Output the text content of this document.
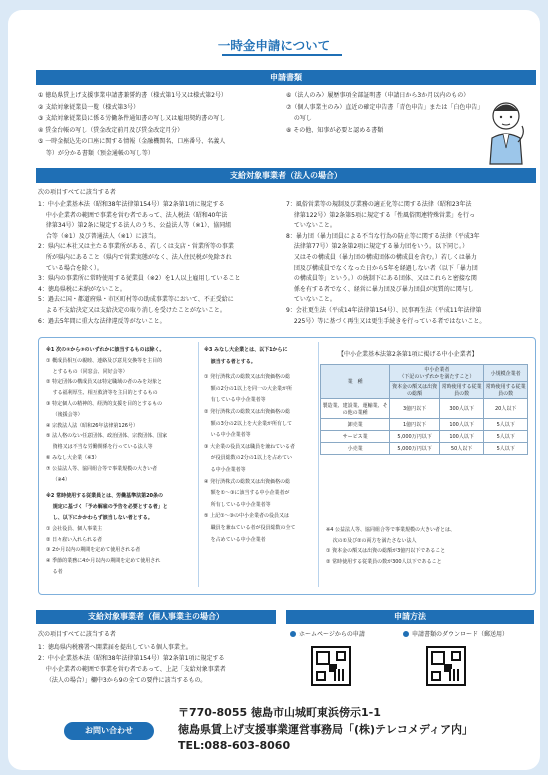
一時金申請について
申請書類
① 徳島県賃上げ支援事業申請書兼誓約書（様式第1号又は様式第2号）
② 支給対象従業員一覧（様式第3号）
③ 支給対象従業員に係る労働条件通知書の写し又は雇用契約書の写し
④ 賃金台帳の写し（賃金改定前月及び賃金改定月分）
⑤ 一時金振込先の口座に関する情報（金融機関名、口座番号、名義人
　 等）が分かる書類（預金通帳の写し等）
⑥（法人のみ）履歴事項全部証明書（申請日から3か月以内のもの）
⑦（個人事業主のみ）直近の確定申告書「青色申告」または「白色申告」
　 の写し
⑧ その他、知事が必要と認める書類
支給対象事業者（法人の場合）
次の項目すべてに該当する者
1：中小企業基本法（昭和38年法律第154号）第2条第1項に規定する
　 中小企業者の範囲で事業を営む者であって、法人税法（昭和40年法
　 律第34号）第2条に規定する法人のうち、公益法人等（※1）、協同組
　 合等（※1）及び普通法人（※1）に該当。
2：県内に本社又は主たる事業所がある、若しくは支店・営業所等の事業
　 所が県内にあること（県内で営業実態がなく、法人住民税が免除され
　 ている場合を除く）。
3：県内の事業所に常時使用する従業員（※2）を1人以上雇用していること
4：徳島県税に未納がないこと。
5：過去に国・都道府県・市区町村等の助成事業等において、不正受給に
　 よる不支給決定又は支給決定の取り消しを受けたことがないこと。
6：過去5年間に重大な法律違反等がないこと。
7：風俗営業等の規制及び業務の適正化等に関する法律（昭和23年法
　 律第122号）第2条第5項に規定する「性風俗関連特殊営業」を行っ
　 ていないこと。
8：暴力団（暴力団員による不当な行為の防止等に関する法律（平成3年
　 法律第77号）第2条第2項に規定する暴力団をいう。以下同じ。）
　 又はその構成員（暴力団の構成団体の構成員を含む。）若しくは暴力
　 団及び構成員でなくなった日から5年を経過しない者（以下「暴力団
　 の構成員等」という。）の統制下にある団体、又はこれらと密接な関
　 係を有する者でなく、経営に暴力団及び暴力団員が実質的に関与し
　 ていないこと。
9：会社更生法（平成14年法律第154号）、民事再生法（平成11年法律第
　 225号）等に基づく再生又は更生手続きを行っている者ではないこと。
※1 次の①から③のいずれかに該当するものは除く。
① 概成員相互の親睦、連絡及び意見交換等を主目的
　 とするもの（同窓会、同好会等）
② 特定団体の構成員又は特定職域の者のみを対象と
　 する福利厚生、相互救済等を主目的とするもの
③ 特定個人の精神的、経済的支援を目的とするもの
　 （後援会等）
④ 宗教法人法（昭和26年法律第126号）
⑤ 法人格のない任意団体、政治団体、宗教団体、国家
　 資格又は不当な労働関係を行っている法人等
⑥ みなし大企業（※3）
⑦ 公益法人等、協同組合等で事業規模の大きい者
　 （※4）
※2 常時使用する従業員とは、労働基準法第20条の
　 規定に基づく「予め解雇の予告を必要とする者」と
　 し、以下にかかわらず該当しない者とする。
① 会社役員、個人事業主
② 日々雇い入れられる者
③ 2か月以内の期間を定めて使用される者
④ 季節的業務に4か月以内の期間を定めて使用され
　 る者
※3 みなし大企業とは、以下1からに
　 該当する者とする。
① 発行済株式の総数又は出資価格の総
　 額の2分の1以上を同一の大企業が所
　 有している中小企業者等
② 発行済株式の総数又は出資価格の総
　 額の3分の2以上を大企業が所有して
　 いる中小企業者等
③ 大企業の役員又は職員を兼ねている者
　 が役員総数の2分の1以上を占めてい
　 る中小企業者等
④ 発行済株式の総数又は出資価格の総
　 額を①〜③に該当する中小企業者が
　 所有している中小企業者等
⑤ 上記①〜③の中小企業者の役員又は
　 職員を兼ねている者が役員総数の全て
　 を占めている中小企業者
【中小企業基本法第2条第1項に掲げる中小企業者】
業　種	中小企業者
（下記のいずれかを満たすこと）		小規模企業者
	資本金の額又は出資の総額	常時使用する従業員の数	
			常時使用する従業員の数
製造業、建設業、運輸業、その他の業種	3億円以下	300人以下	20人以下
卸売業	1億円以下	100人以下	5人以下
サービス業	5,000万円以下	100人以下	5人以下
小売業	5,000万円以下	50人以下	5人以下
※4 公益法人等、協同組合等で事業規模の大きい者とは、
　 次の①及び②の両方を満たさない法人
① 資本金の額又は出資の総額が3億円以下であること
② 常時使用する従業員の数が300人以下であること
支給対象事業者（個人事業主の場合）
次の項目すべてに該当する者
1：徳島県内税務署へ開業届を提出している個人事業主。
2：中小企業基本法（昭和38年法律第154号）第2条第1項に規定する
　 中小企業者の範囲で事業を営む者であって、上記「支給対象事業者
　 （法人の場合）」欄中3から9の全ての要件に該当するもの。
申請方法
ホームページからの申請	申請書類のダウンロード（郵送用）
お問い合わせ
〒770-8055 徳島市山城町東浜傍示1-1
徳島県賃上げ支援事業運営事務局「(株)テレコメディア内」
TEL:088-603-8060
